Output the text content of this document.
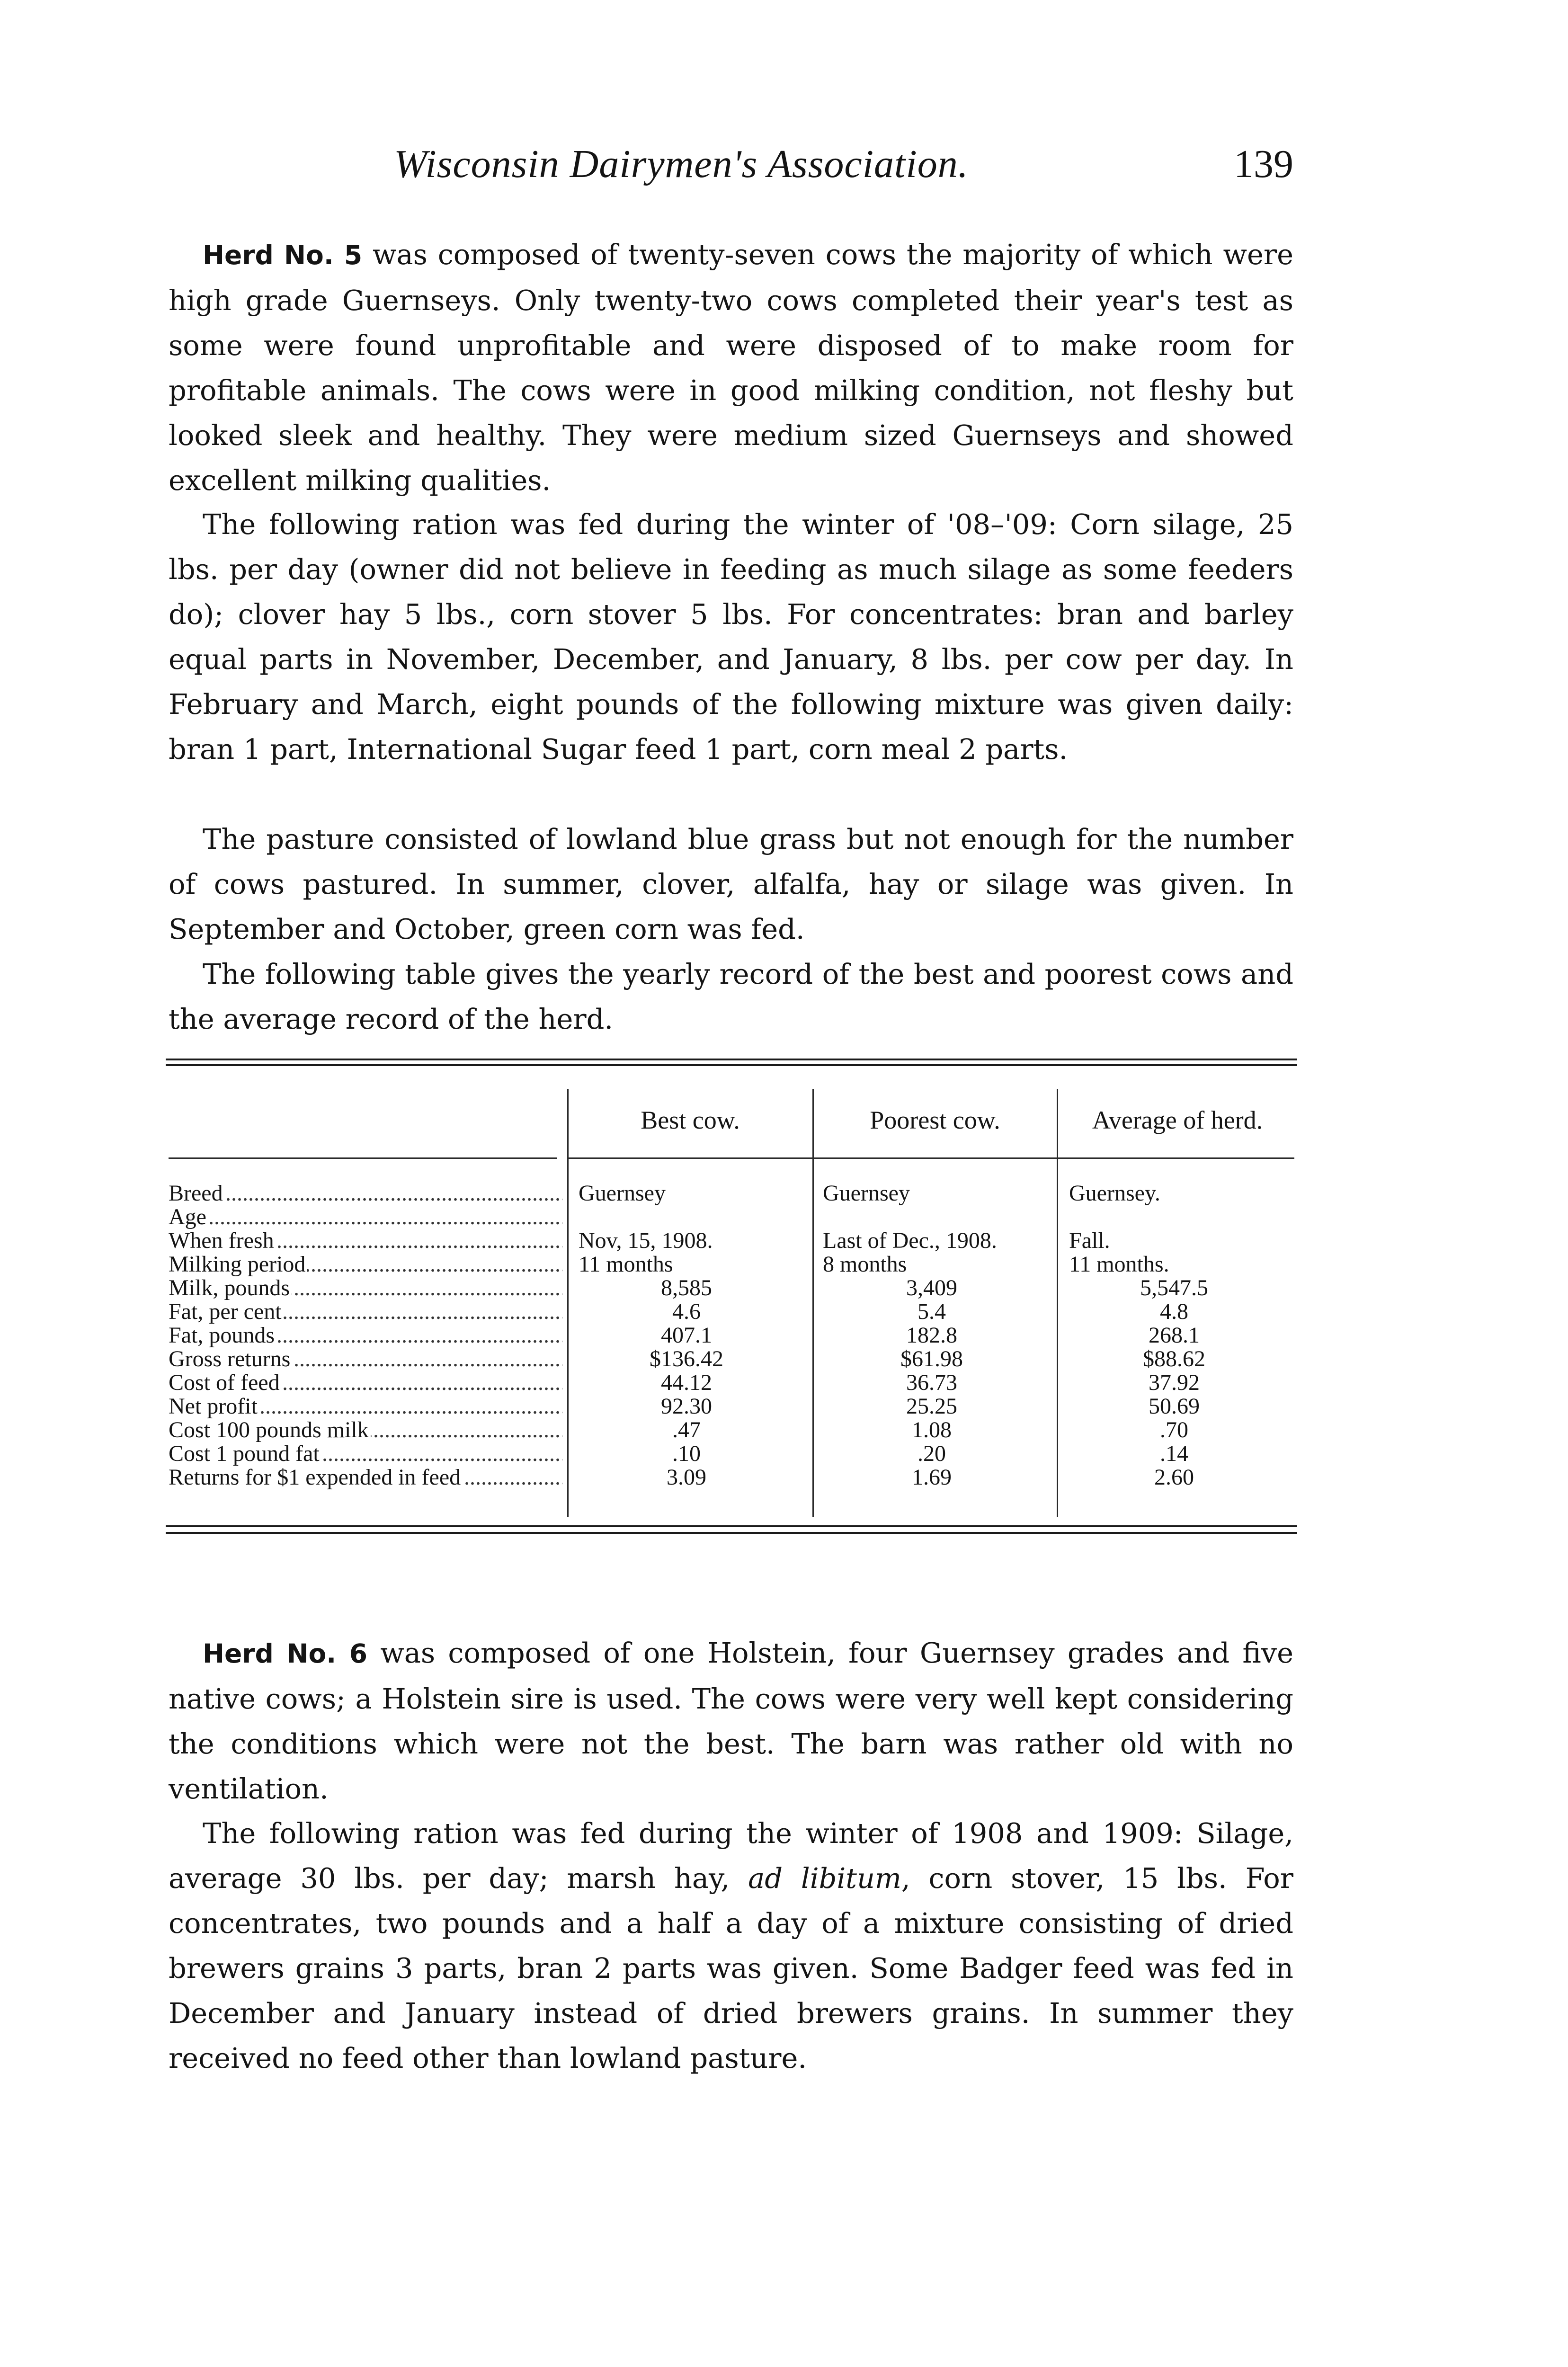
Wisconsin Dairymen's Association.	139

Herd No. 5 was composed of twenty-seven cows the majority of which were high grade Guernseys. Only twenty-two cows completed their year's test as some were found unprofitable and were disposed of to make room for profitable animals. The cows were in good milking condition, not fleshy but looked sleek and healthy. They were medium sized Guernseys and showed excellent milking qualities.

The following ration was fed during the winter of '08–'09: Corn silage, 25 lbs. per day (owner did not believe in feeding as much silage as some feeders do); clover hay 5 lbs., corn stover 5 lbs. For concentrates: bran and barley equal parts in November, December, and January, 8 lbs. per cow per day. In February and March, eight pounds of the following mixture was given daily: bran 1 part, International Sugar feed 1 part, corn meal 2 parts.

The pasture consisted of lowland blue grass but not enough for the number of cows pastured. In summer, clover, alfalfa, hay or silage was given. In September and October, green corn was fed.

The following table gives the yearly record of the best and poorest cows and the average record of the herd.

Best cow.	Poorest cow.	Average of herd.
Breed . . .	Guernsey	Guernsey	Guernsey.
Age . . .
When fresh . . .	Nov, 15, 1908.	Last of Dec., 1908.	Fall.
Milking period . . .	11 months	8 months	11 months.
Milk, pounds . . .	8,585	3,409	5,547.5
Fat, per cent . . .	4.6	5.4	4.8
Fat, pounds . . .	407.1	182.8	268.1
Gross returns . . .	$136.42	$61.98	$88.62
Cost of feed . . .	44.12	36.73	37.92
Net profit . . .	92.30	25.25	50.69
Cost 100 pounds milk . . .	.47	1.08	.70
Cost 1 pound fat . . .	.10	.20	.14
Returns for $1 expended in feed . . .	3.09	1.69	2.60

Herd No. 6 was composed of one Holstein, four Guernsey grades and five native cows; a Holstein sire is used. The cows were very well kept considering the conditions which were not the best. The barn was rather old with no ventilation.

The following ration was fed during the winter of 1908 and 1909: Silage, average 30 lbs. per day; marsh hay, ad libitum, corn stover, 15 lbs. For concentrates, two pounds and a half a day of a mixture consisting of dried brewers grains 3 parts, bran 2 parts was given. Some Badger feed was fed in December and January instead of dried brewers grains. In summer they received no feed other than lowland pasture.
